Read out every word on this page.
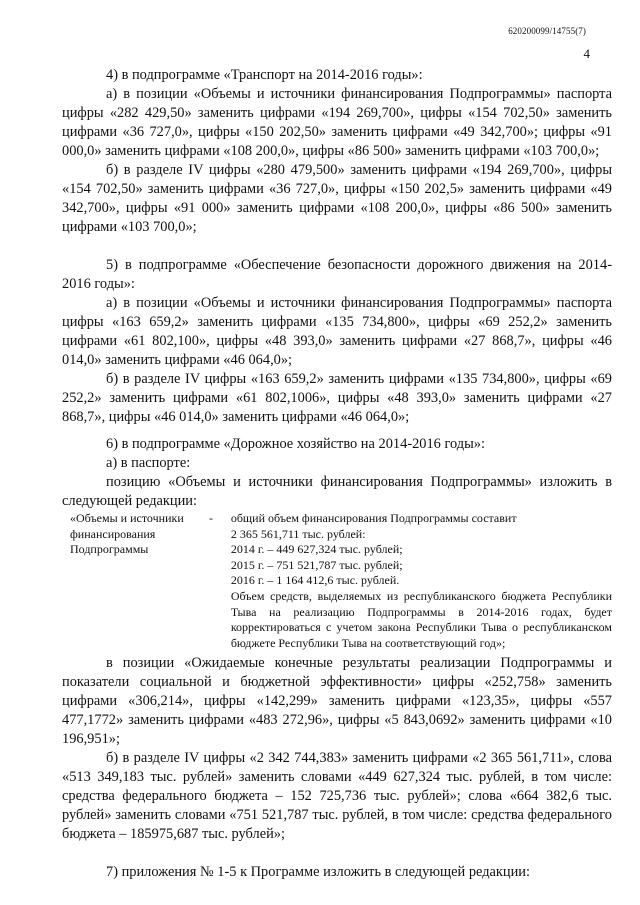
620200099/14755(7)
4

4) в подпрограмме «Транспорт на 2014-2016 годы»:

а) в позиции «Объемы и источники финансирования Подпрограммы» паспорта цифры «282 429,50» заменить цифрами «194 269,700», цифры «154 702,50» заменить цифрами «36 727,0», цифры «150 202,50» заменить цифрами «49 342,700»; цифры «91 000,0» заменить цифрами «108 200,0», цифры «86 500» заменить цифрами «103 700,0»;

б) в разделе IV цифры «280 479,500» заменить цифрами «194 269,700», цифры «154 702,50» заменить цифрами «36 727,0», цифры «150 202,5» заменить цифрами «49 342,700», цифры «91 000» заменить цифрами «108 200,0», цифры «86 500» заменить цифрами «103 700,0»;

5) в подпрограмме «Обеспечение безопасности дорожного движения на 2014-2016 годы»:

а) в позиции «Объемы и источники финансирования Подпрограммы» паспорта цифры «163 659,2» заменить цифрами «135 734,800», цифры «69 252,2» заменить цифрами «61 802,100», цифры «48 393,0» заменить цифрами «27 868,7», цифры «46 014,0» заменить цифрами «46 064,0»;

б) в разделе IV цифры «163 659,2» заменить цифрами «135 734,800», цифры «69 252,2» заменить цифрами «61 802,1006», цифры «48 393,0» заменить цифрами «27 868,7», цифры «46 014,0» заменить цифрами «46 064,0»;

6) в подпрограмме «Дорожное хозяйство на 2014-2016 годы»:

а) в паспорте:

позицию «Объемы и источники финансирования Подпрограммы» изложить в следующей редакции:

«Объемы и источники финансирования Подпрограммы
-	общий объем финансирования Подпрограммы составит
2 365 561,711 тыс. рублей:
2014 г. – 449 627,324 тыс. рублей;
2015 г. – 751 521,787 тыс. рублей;
2016 г. – 1 164 412,6 тыс. рублей.
Объем средств, выделяемых из республиканского бюджета Республики Тыва на реализацию Подпрограммы в 2014-2016 годах, будет корректироваться с учетом закона Республики Тыва о республиканском бюджете Республики Тыва на соответствующий год»;

в позиции «Ожидаемые конечные результаты реализации Подпрограммы и показатели социальной и бюджетной эффективности» цифры «252,758» заменить цифрами «306,214», цифры «142,299» заменить цифрами «123,35», цифры «557 477,1772» заменить цифрами «483 272,96», цифры «5 843,0692» заменить цифрами «10 196,951»;

б) в разделе IV цифры «2 342 744,383» заменить цифрами «2 365 561,711», слова «513 349,183 тыс. рублей» заменить словами «449 627,324 тыс. рублей, в том числе: средства федерального бюджета – 152 725,736 тыс. рублей»; слова «664 382,6 тыс. рублей» заменить словами «751 521,787 тыс. рублей, в том числе: средства федерального бюджета – 185975,687 тыс. рублей»;

7) приложения № 1-5 к Программе изложить в следующей редакции:
